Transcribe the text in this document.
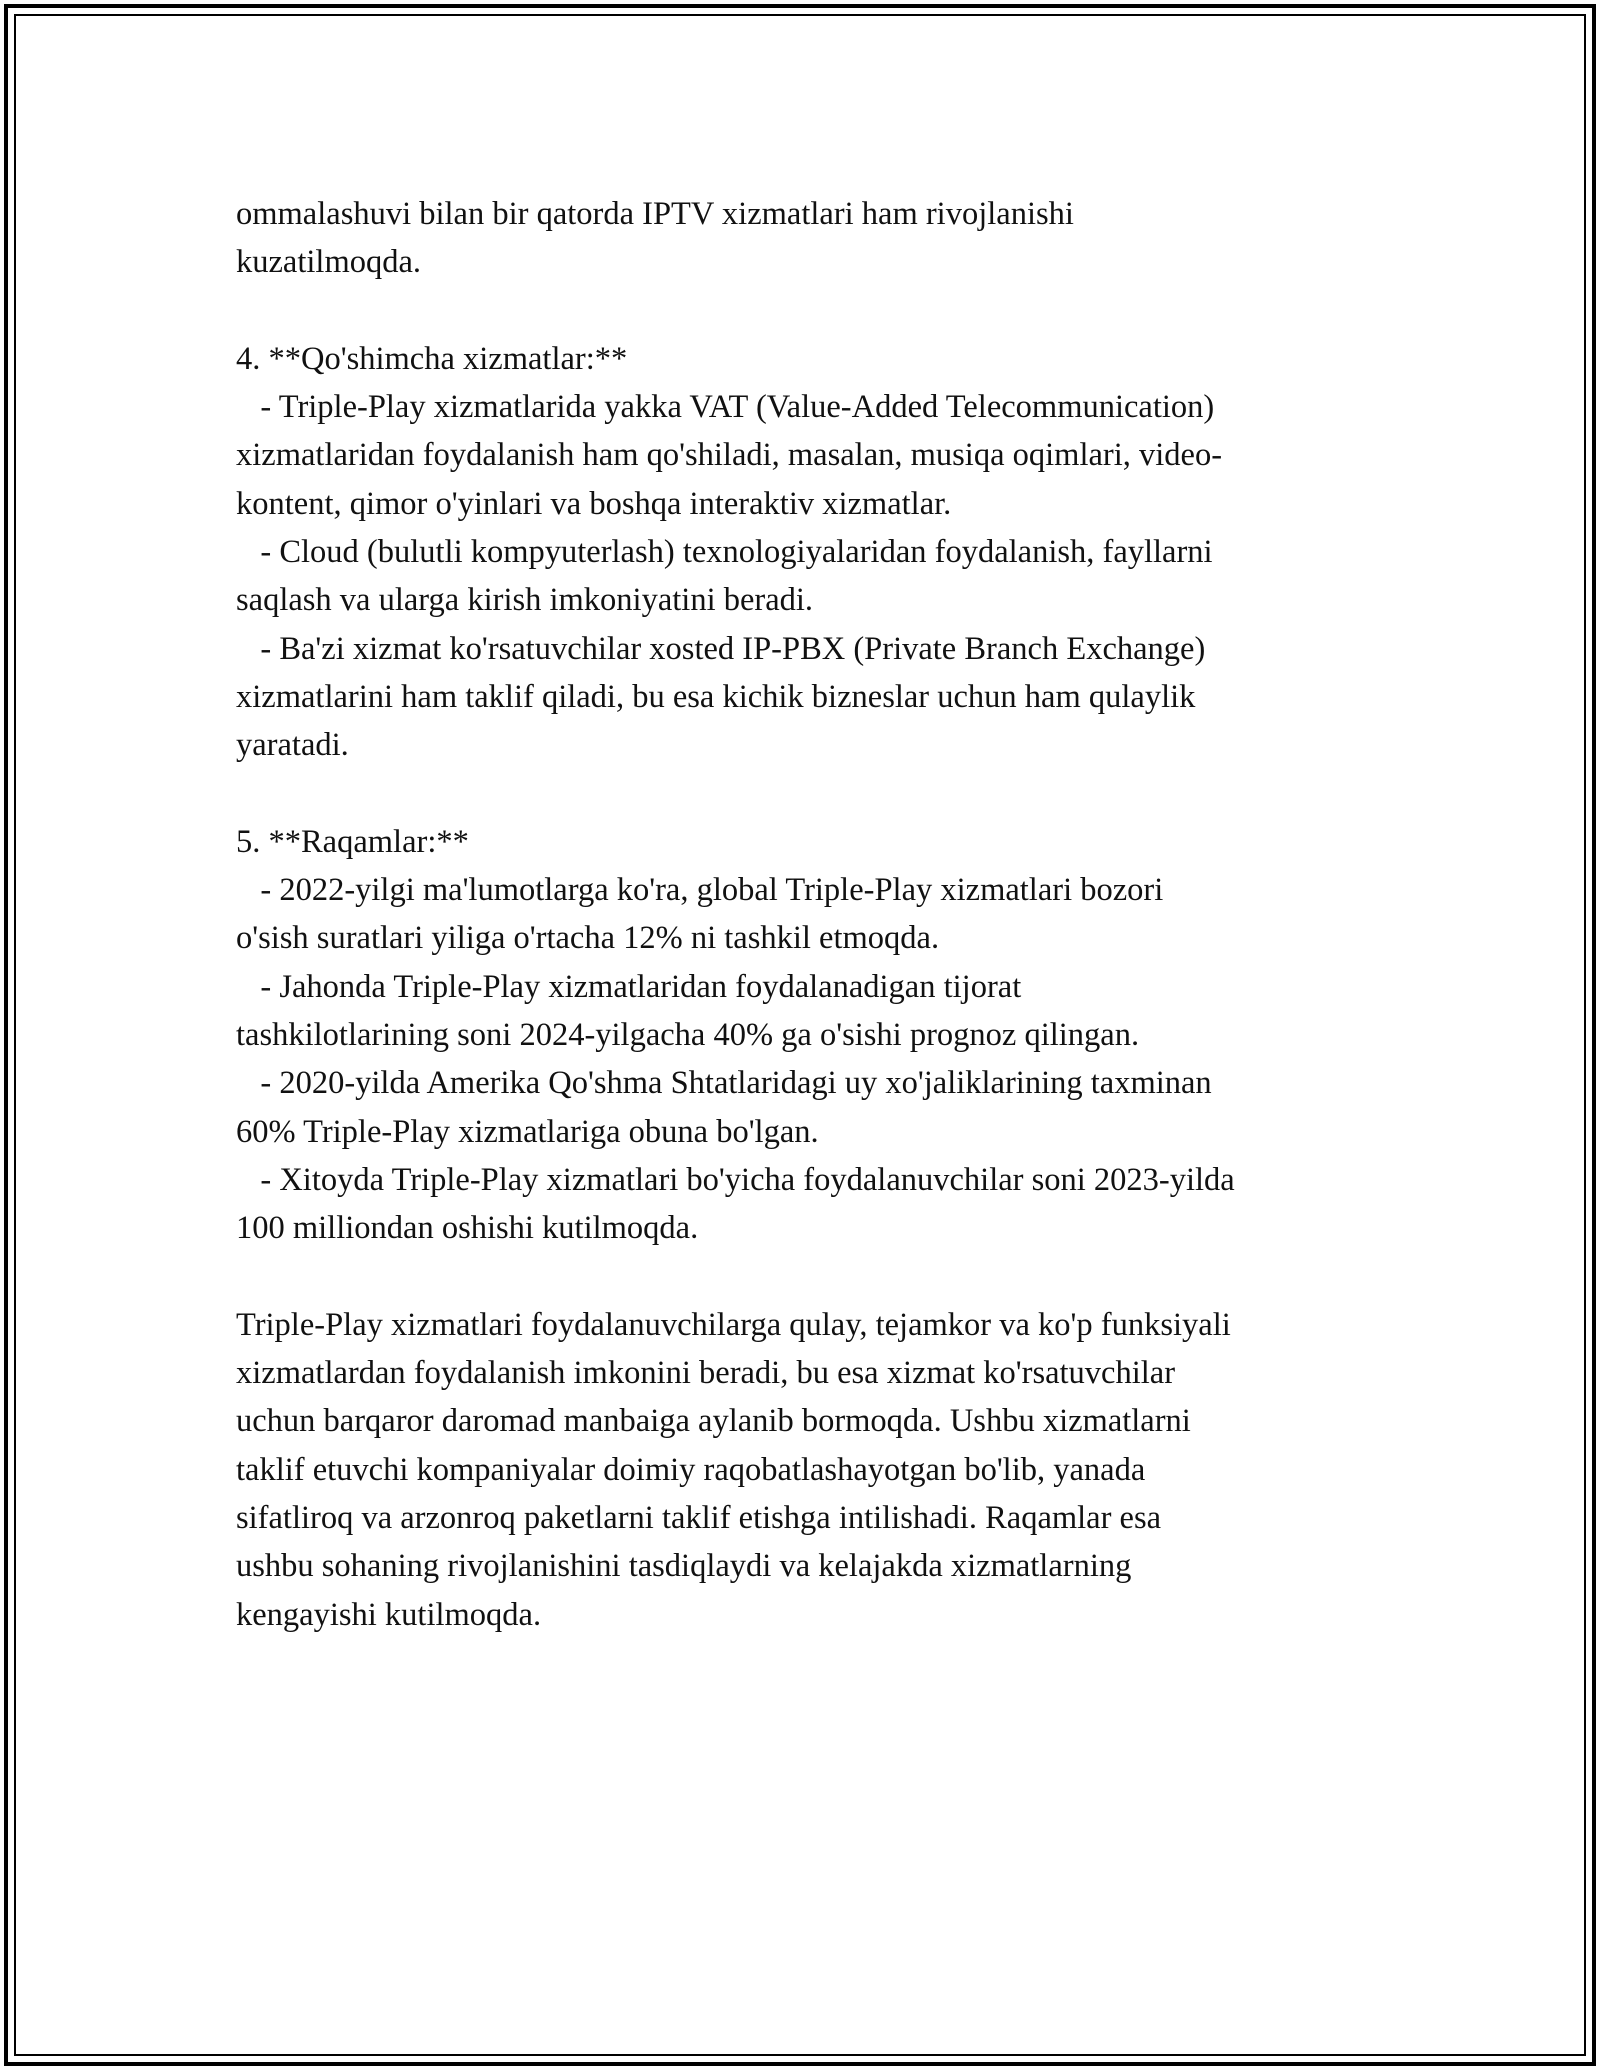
ommalashuvi bilan bir qatorda IPTV xizmatlari ham rivojlanishi
kuzatilmoqda.
4. **Qo'shimcha xizmatlar:**
- Triple-Play xizmatlarida yakka VAT (Value-Added Telecommunication)
xizmatlaridan foydalanish ham qo'shiladi, masalan, musiqa oqimlari, video-
kontent, qimor o'yinlari va boshqa interaktiv xizmatlar.
- Cloud (bulutli kompyuterlash) texnologiyalaridan foydalanish, fayllarni
saqlash va ularga kirish imkoniyatini beradi.
- Ba'zi xizmat ko'rsatuvchilar xosted IP-PBX (Private Branch Exchange)
xizmatlarini ham taklif qiladi, bu esa kichik bizneslar uchun ham qulaylik
yaratadi.
5. **Raqamlar:**
- 2022-yilgi ma'lumotlarga ko'ra, global Triple-Play xizmatlari bozori
o'sish suratlari yiliga o'rtacha 12% ni tashkil etmoqda.
- Jahonda Triple-Play xizmatlaridan foydalanadigan tijorat
tashkilotlarining soni 2024-yilgacha 40% ga o'sishi prognoz qilingan.
- 2020-yilda Amerika Qo'shma Shtatlaridagi uy xo'jaliklarining taxminan
60% Triple-Play xizmatlariga obuna bo'lgan.
- Xitoyda Triple-Play xizmatlari bo'yicha foydalanuvchilar soni 2023-yilda
100 milliondan oshishi kutilmoqda.
Triple-Play xizmatlari foydalanuvchilarga qulay, tejamkor va ko'p funksiyali
xizmatlardan foydalanish imkonini beradi, bu esa xizmat ko'rsatuvchilar
uchun barqaror daromad manbaiga aylanib bormoqda. Ushbu xizmatlarni
taklif etuvchi kompaniyalar doimiy raqobatlashayotgan bo'lib, yanada
sifatliroq va arzonroq paketlarni taklif etishga intilishadi. Raqamlar esa
ushbu sohaning rivojlanishini tasdiqlaydi va kelajakda xizmatlarning
kengayishi kutilmoqda.
